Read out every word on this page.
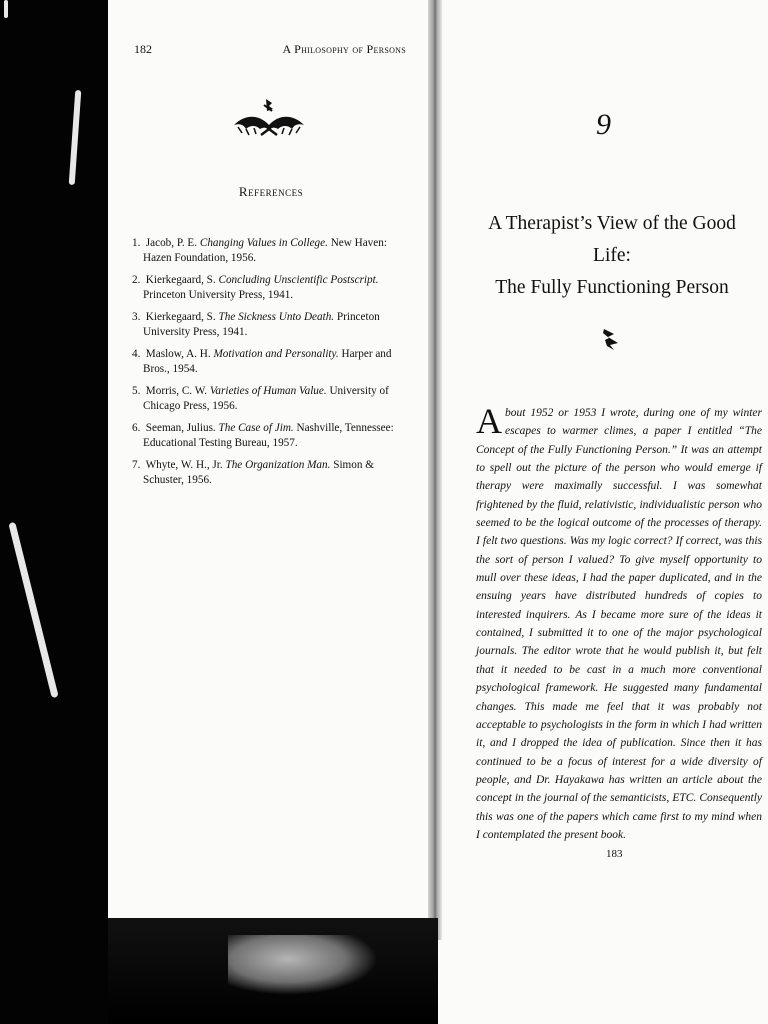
182	A Philosophy of Persons
References
1. Jacob, P. E. Changing Values in College. New Haven: Hazen Foundation, 1956.
2. Kierkegaard, S. Concluding Unscientific Postscript. Princeton University Press, 1941.
3. Kierkegaard, S. The Sickness Unto Death. Princeton University Press, 1941.
4. Maslow, A. H. Motivation and Personality. Harper and Bros., 1954.
5. Morris, C. W. Varieties of Human Value. University of Chicago Press, 1956.
6. Seeman, Julius. The Case of Jim. Nashville, Tennessee: Educational Testing Bureau, 1957.
7. Whyte, W. H., Jr. The Organization Man. Simon & Schuster, 1956.
9
A Therapist’s View of the Good Life:
The Fully Functioning Person
About 1952 or 1953 I wrote, during one of my winter escapes to warmer climes, a paper I entitled “The Concept of the Fully Functioning Person.” It was an attempt to spell out the picture of the person who would emerge if therapy were maximally successful. I was somewhat frightened by the fluid, relativistic, individualistic person who seemed to be the logical outcome of the processes of therapy. I felt two questions. Was my logic correct? If correct, was this the sort of person I valued? To give myself opportunity to mull over these ideas, I had the paper duplicated, and in the ensuing years have distributed hundreds of copies to interested inquirers. As I became more sure of the ideas it contained, I submitted it to one of the major psychological journals. The editor wrote that he would publish it, but felt that it needed to be cast in a much more conventional psychological framework. He suggested many fundamental changes. This made me feel that it was probably not acceptable to psychologists in the form in which I had written it, and I dropped the idea of publication. Since then it has continued to be a focus of interest for a wide diversity of people, and Dr. Hayakawa has written an article about the concept in the journal of the semanticists, ETC. Consequently this was one of the papers which came first to my mind when I contemplated the present book.
183
